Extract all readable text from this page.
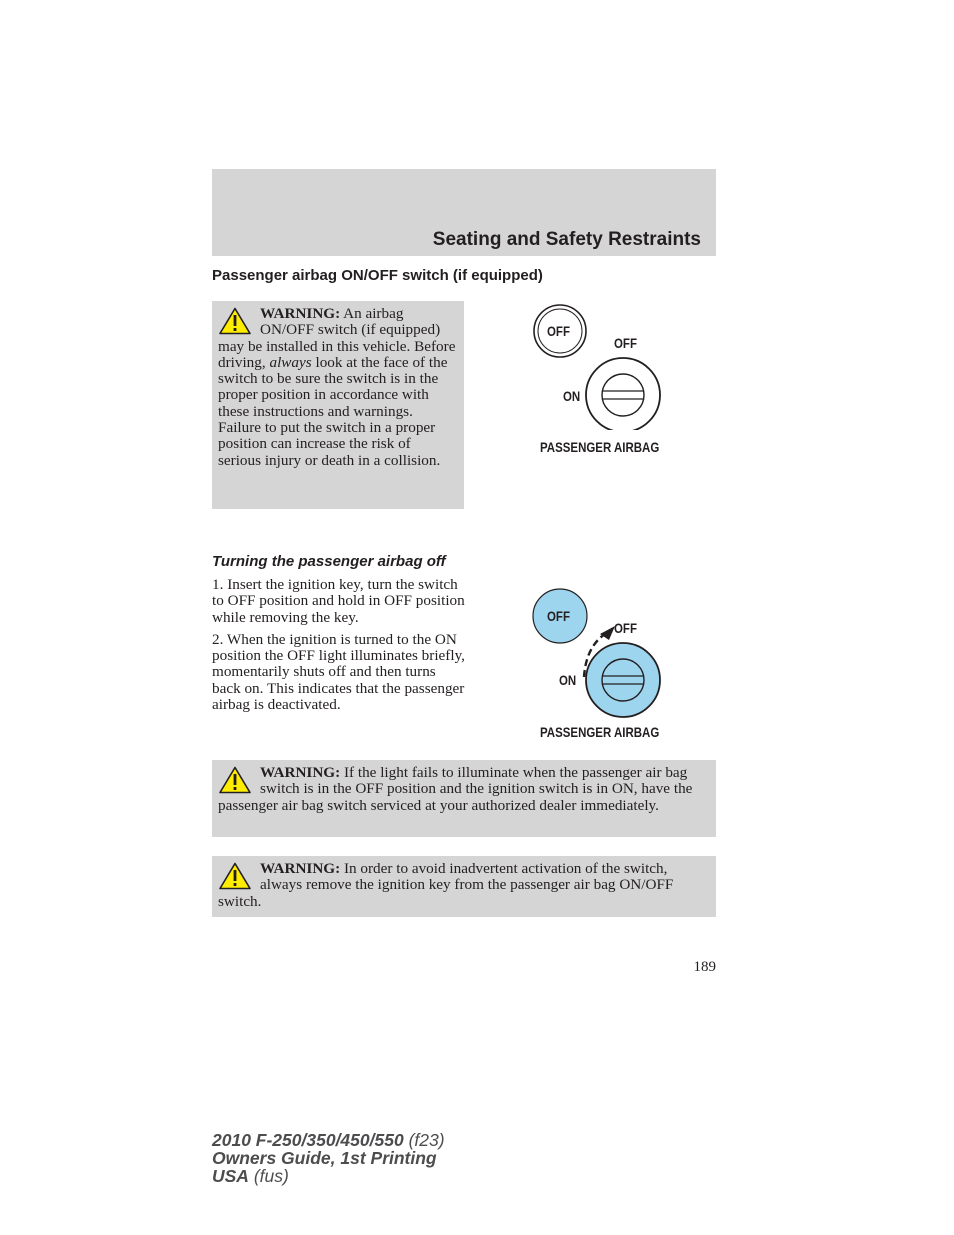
Seating and Safety Restraints
Passenger airbag ON/OFF switch (if equipped)
WARNING: An airbag ON/OFF switch (if equipped) may be installed in this vehicle. Before driving, always look at the face of the switch to be sure the switch is in the proper position in accordance with these instructions and warnings. Failure to put the switch in a proper position can increase the risk of serious injury or death in a collision.
OFF
OFF
ON
PASSENGER AIRBAG
Turning the passenger airbag off

1. Insert the ignition key, turn the switch to OFF position and hold in OFF position while removing the key.

2. When the ignition is turned to the ON position the OFF light illuminates briefly, momentarily shuts off and then turns back on. This indicates that the passenger airbag is deactivated.

OFF
OFF
ON
PASSENGER AIRBAG
WARNING: If the light fails to illuminate when the passenger air bag switch is in the OFF position and the ignition switch is in ON, have the passenger air bag switch serviced at your authorized dealer immediately.
WARNING: In order to avoid inadvertent activation of the switch, always remove the ignition key from the passenger air bag ON/OFF switch.
189
2010 F-250/350/450/550 (f23)
Owners Guide, 1st Printing
USA (fus)
